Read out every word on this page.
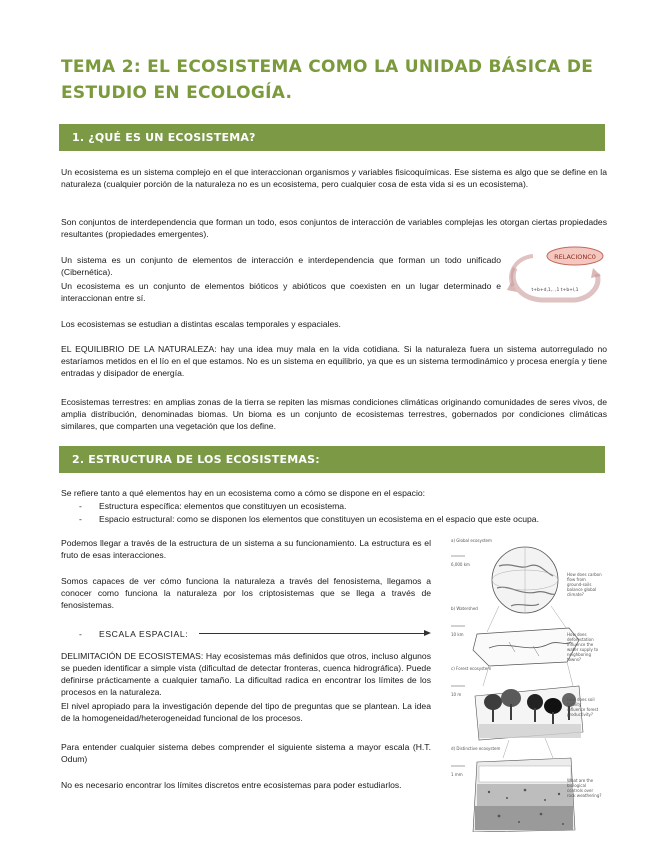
TEMA 2: EL ECOSISTEMA COMO LA UNIDAD BÁSICA DE ESTUDIO EN ECOLOGÍA.
1. ¿QUÉ ES UN ECOSISTEMA?

Un ecosistema es un sistema complejo en el que interaccionan organismos y variables fisicoquímicas. Ese sistema es algo que se define en la naturaleza (cualquier porción de la naturaleza no es un ecosistema, pero cualquier cosa de esta vida si es un ecosistema).

Son conjuntos de interdependencia que forman un todo, esos conjuntos de interacción de variables complejas les otorgan ciertas propiedades resultantes (propiedades emergentes).

Un sistema es un conjunto de elementos de interacción e interdependencia que forman un todo unificado (Cibernética).

Un ecosistema es un conjunto de elementos bióticos y abióticos que coexisten en un lugar determinado e interaccionan entre sí.

RELACIONC0
t+b+d,1,. ,1 t+b+l,1

Los ecosistemas se estudian a distintas escalas temporales y espaciales.

EL EQUILIBRIO DE LA NATURALEZA: hay una idea muy mala en la vida cotidiana. Si la naturaleza fuera un sistema autorregulado no estaríamos metidos en el lío en el que estamos. No es un sistema en equilibrio, ya que es un sistema termodinámico y procesa energía y tiene entradas y disipador de energía.

Ecosistemas terrestres: en amplias zonas de la tierra se repiten las mismas condiciones climáticas originando comunidades de seres vivos, de amplia distribución, denominadas biomas. Un bioma es un conjunto de ecosistemas terrestres, gobernados por condiciones climáticas similares, que comparten una vegetación que los define.

2. ESTRUCTURA DE LOS ECOSISTEMAS:

Se refiere tanto a qué elementos hay en un ecosistema como a cómo se dispone en el espacio:

- Estructura específica: elementos que constituyen un ecosistema.
- Espacio estructural: como se disponen los elementos que constituyen un ecosistema en el espacio que este ocupa.

Podemos llegar a través de la estructura de un sistema a su funcionamiento. La estructura es el fruto de esas interacciones.

Somos capaces de ver cómo funciona la naturaleza a través del fenosistema, llegamos a conocer como funciona la naturaleza por los criptosistemas que se llega a través de fenosistemas.

- ESCALA ESPACIAL:

DELIMITACIÓN DE ECOSISTEMAS: Hay ecosistemas más definidos que otros, incluso algunos se pueden identificar a simple vista (dificultad de detectar fronteras, cuenca hidrográfica). Puede definirse prácticamente a cualquier tamaño. La dificultad radica en encontrar los límites de los procesos en la naturaleza.

El nivel apropiado para la investigación depende del tipo de preguntas que se plantean. La idea de la homogeneidad/heterogeneidad funcional de los procesos.

Para entender cualquier sistema debes comprender el siguiente sistema a mayor escala (H.T. Odum)

No es necesario encontrar los límites discretos entre ecosistemas para poder estudiarlos.

a) Global ecosystem
6,000 km
How does carbon flow from ground-soils balance global climate?
b) Watershed
10 km	How does deforestation influence the water supply to neighboring towns?
c) Forest ecosystem
10 m
How does soil fertility influence forest productivity?
d) Distinctive ecosystem
1 mm
What are the biological controls over rock weathering?
